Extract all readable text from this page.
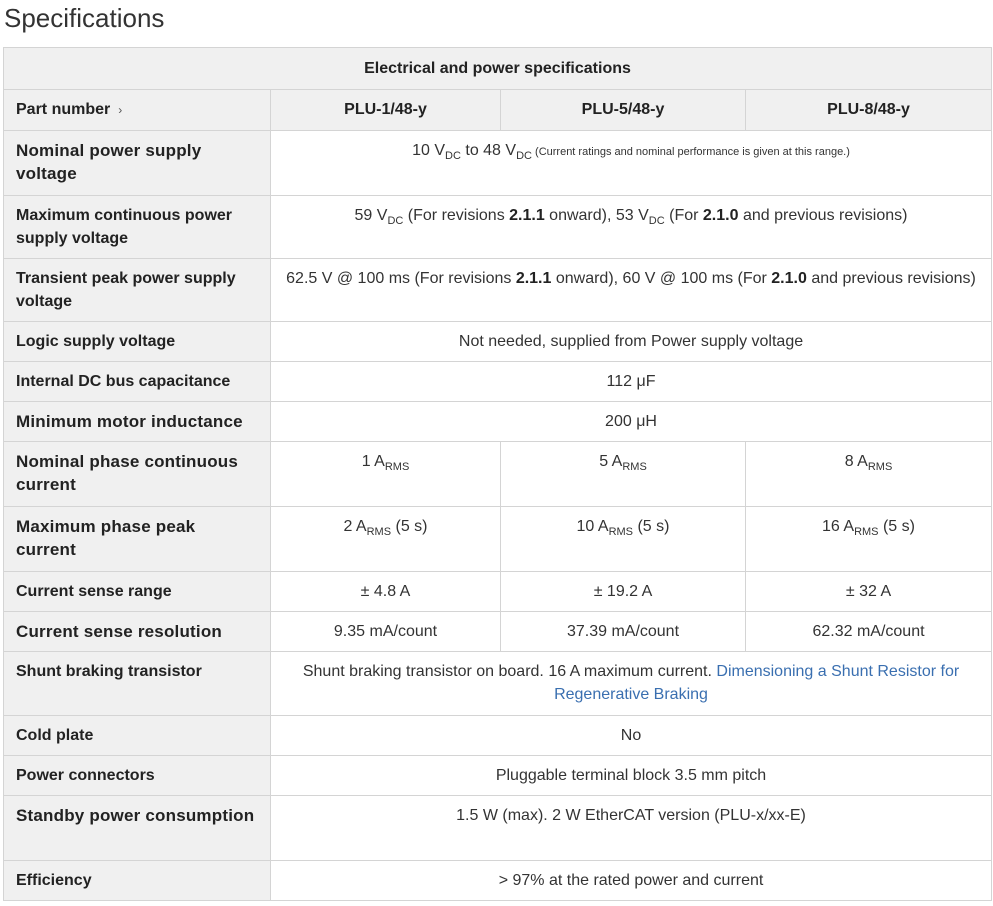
Specifications
Electrical and power specifications			
Part number ›	PLU-1/48-y	PLU-5/48-y	PLU-8/48-y
Nominal power supply voltage	10 $V_{DC}$ to 48 $V_{DC}$ (Current ratings and nominal performance is given at this range.)		
Maximum continuous power supply voltage	59 $V_{DC}$ (For revisions 2.1.1 onward), 53 $V_{DC}$ (For 2.1.0 and previous revisions)		
Transient peak power supply voltage	62.5 V @ 100 ms (For revisions 2.1.1 onward), 60 V @ 100 ms (For 2.1.0 and previous revisions)		
Logic supply voltage	Not needed, supplied from Power supply voltage		
Internal DC bus capacitance	112 μF		
Minimum motor inductance	200 μH		
Nominal phase continuous current	1 $A_{RMS}$	5 $A_{RMS}$	8 $A_{RMS}$
Maximum phase peak current	2 $A_{RMS}$ (5 s)	10 $A_{RMS}$ (5 s)	16 $A_{RMS}$ (5 s)
Current sense range	± 4.8 A	± 19.2 A	± 32 A
Current sense resolution	9.35 mA/count	37.39 mA/count	62.32 mA/count
Shunt braking transistor	Shunt braking transistor on board. 16 A maximum current. Dimensioning a Shunt Resistor for Regenerative Braking		
Cold plate	No		
Power connectors	Pluggable terminal block 3.5 mm pitch		
Standby power consumption	1.5 W (max). 2 W EtherCAT version (PLU-x/xx-E)		
Efficiency	> 97% at the rated power and current		
